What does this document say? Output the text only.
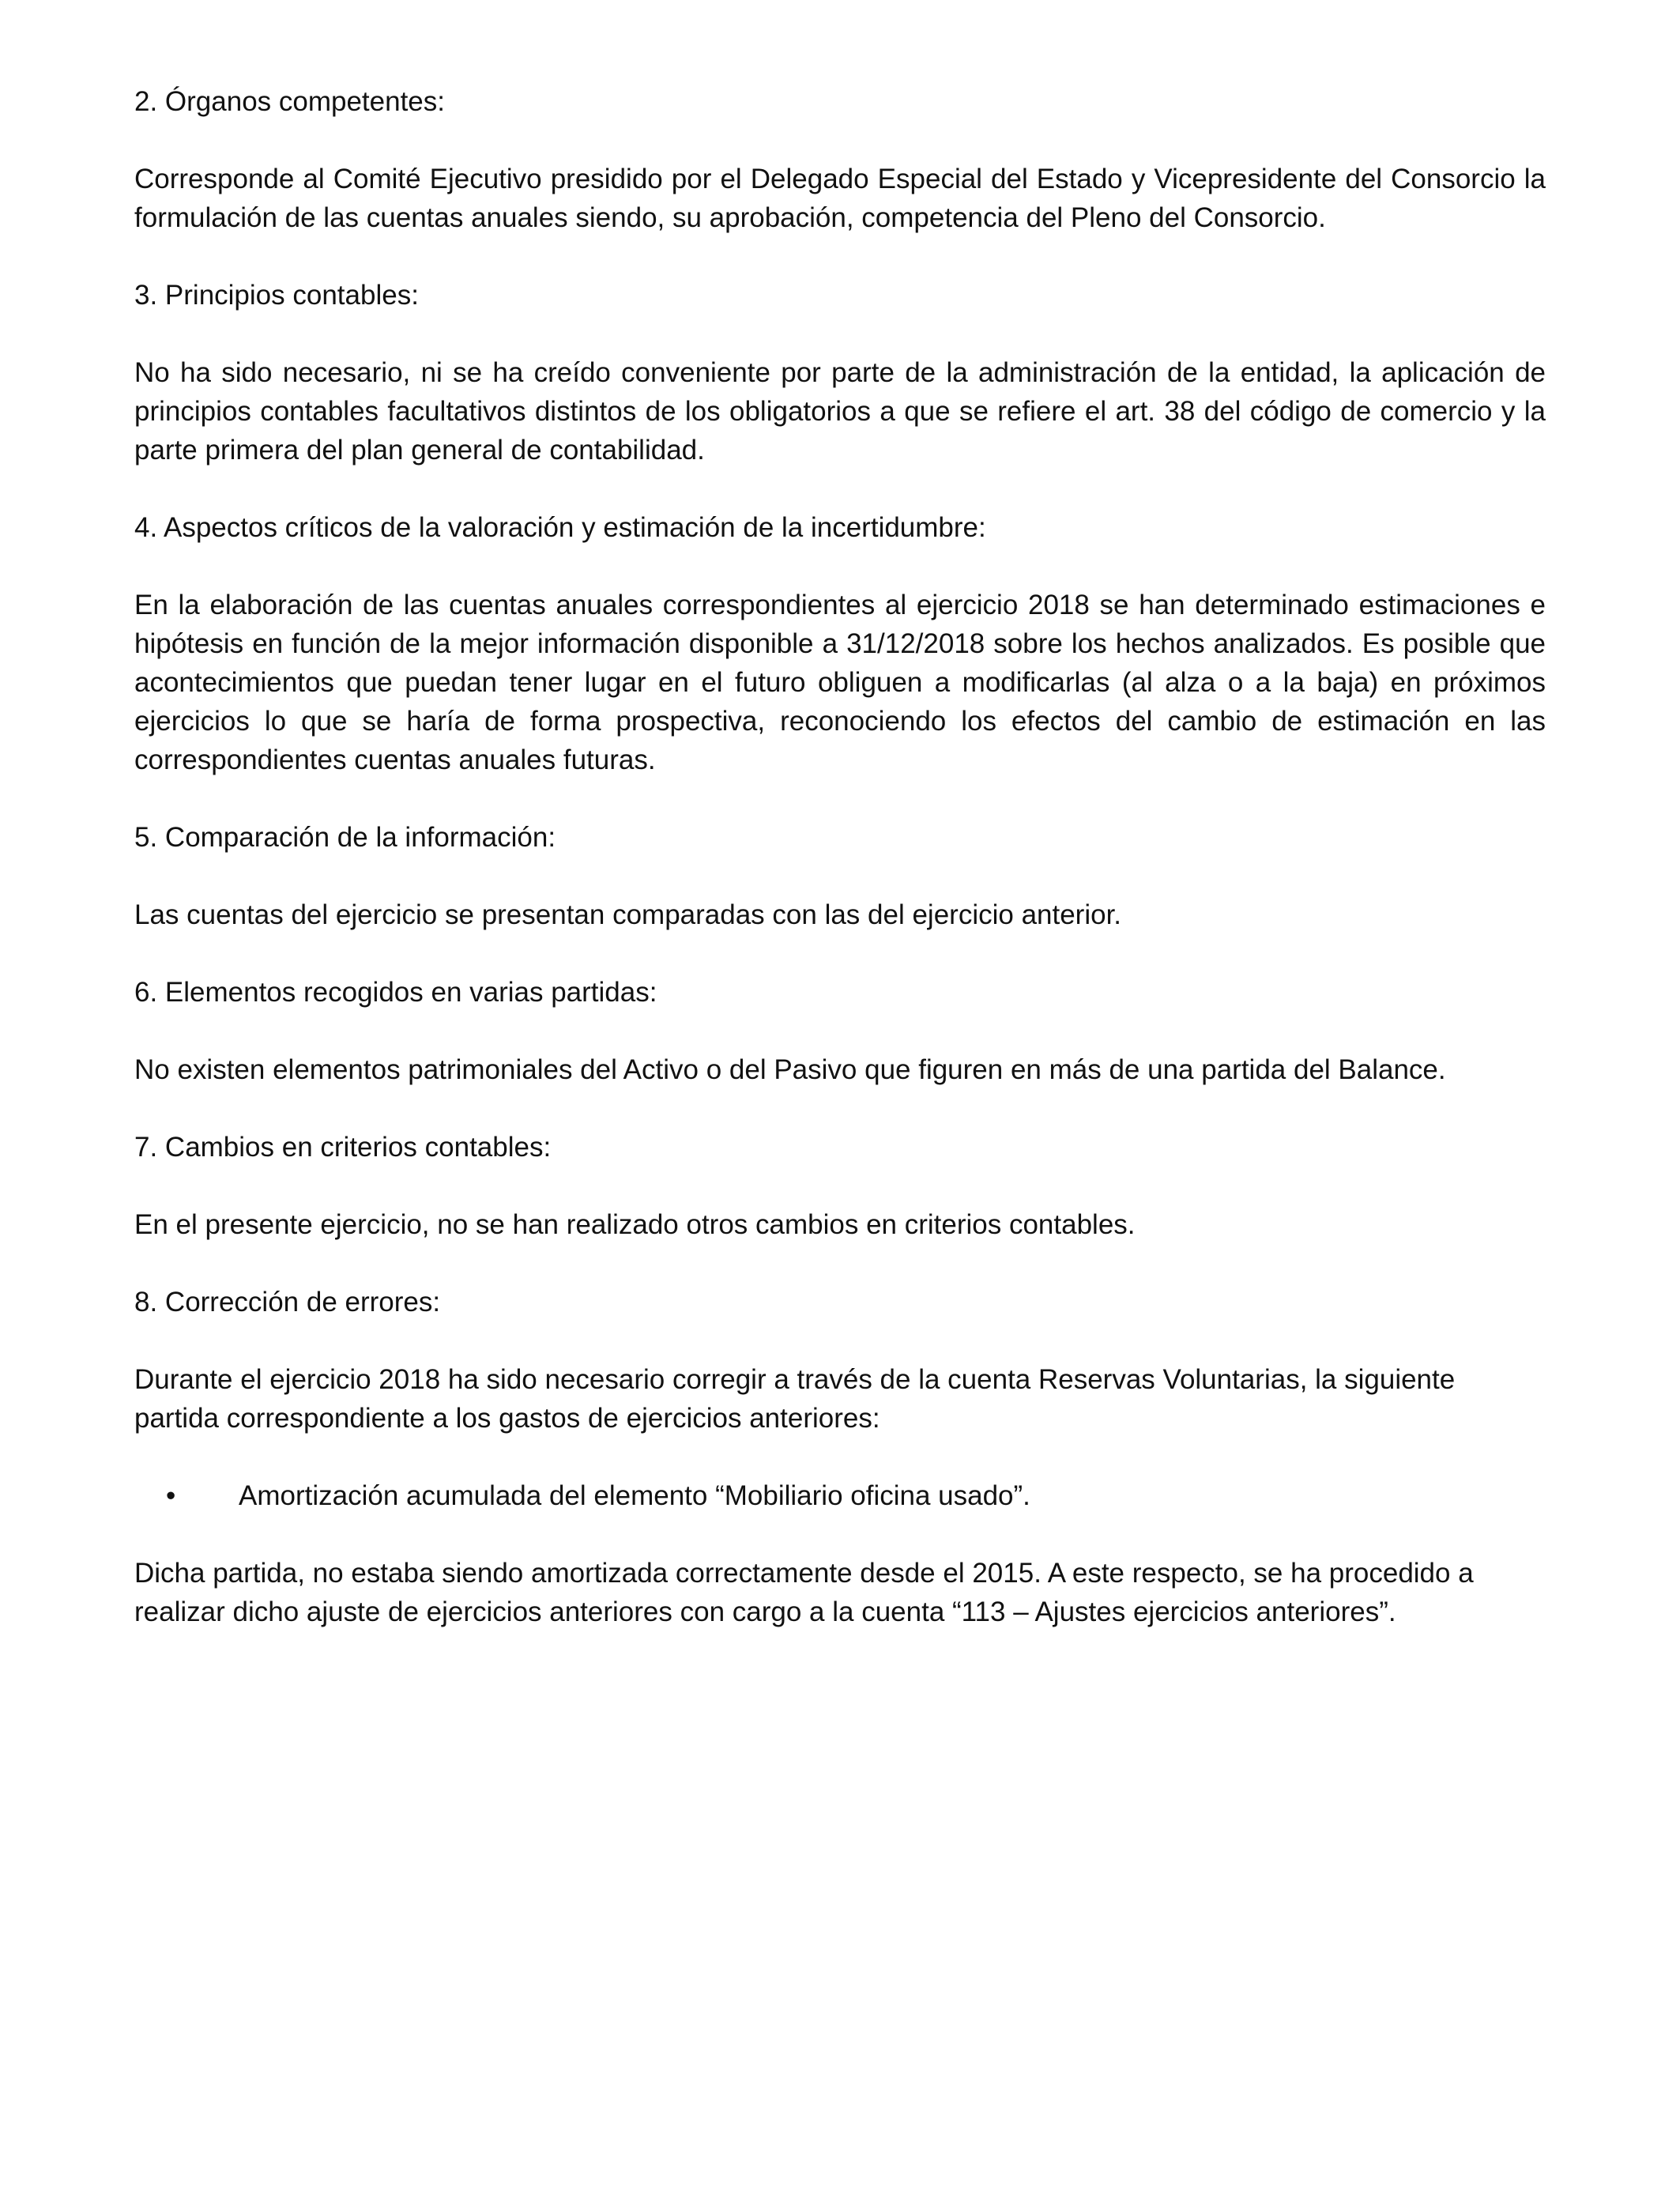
2. Órganos competentes:

Corresponde al Comité Ejecutivo presidido por el Delegado Especial del Estado y Vicepresidente del Consorcio la formulación de las cuentas anuales siendo, su aprobación, competencia del Pleno del Consorcio.

3. Principios contables:

No ha sido necesario, ni se ha creído conveniente por parte de la administración de la entidad, la aplicación de principios contables facultativos distintos de los obligatorios a que se refiere el art. 38 del código de comercio y la parte primera del plan general de contabilidad.

4. Aspectos críticos de la valoración y estimación de la incertidumbre:

En la elaboración de las cuentas anuales correspondientes al ejercicio 2018 se han determinado estimaciones e hipótesis en función de la mejor información disponible a 31/12/2018 sobre los hechos analizados. Es posible que acontecimientos que puedan tener lugar en el futuro obliguen a modificarlas (al alza o a la baja) en próximos ejercicios lo que se haría de forma prospectiva, reconociendo los efectos del cambio de estimación en las correspondientes cuentas anuales futuras.

5. Comparación de la información:

Las cuentas del ejercicio se presentan comparadas con las del ejercicio anterior.

6. Elementos recogidos en varias partidas:

No existen elementos patrimoniales del Activo o del Pasivo que figuren en más de una partida del Balance.

7. Cambios en criterios contables:

En el presente ejercicio, no se han realizado otros cambios en criterios contables.

8. Corrección de errores:

Durante el ejercicio 2018 ha sido necesario corregir a través de la cuenta Reservas Voluntarias, la siguiente partida correspondiente a los gastos de ejercicios anteriores:

• Amortización acumulada del elemento “Mobiliario oficina usado”.

Dicha partida, no estaba siendo amortizada correctamente desde el 2015. A este respecto, se ha procedido a realizar dicho ajuste de ejercicios anteriores con cargo a la cuenta “113 – Ajustes ejercicios anteriores”.
